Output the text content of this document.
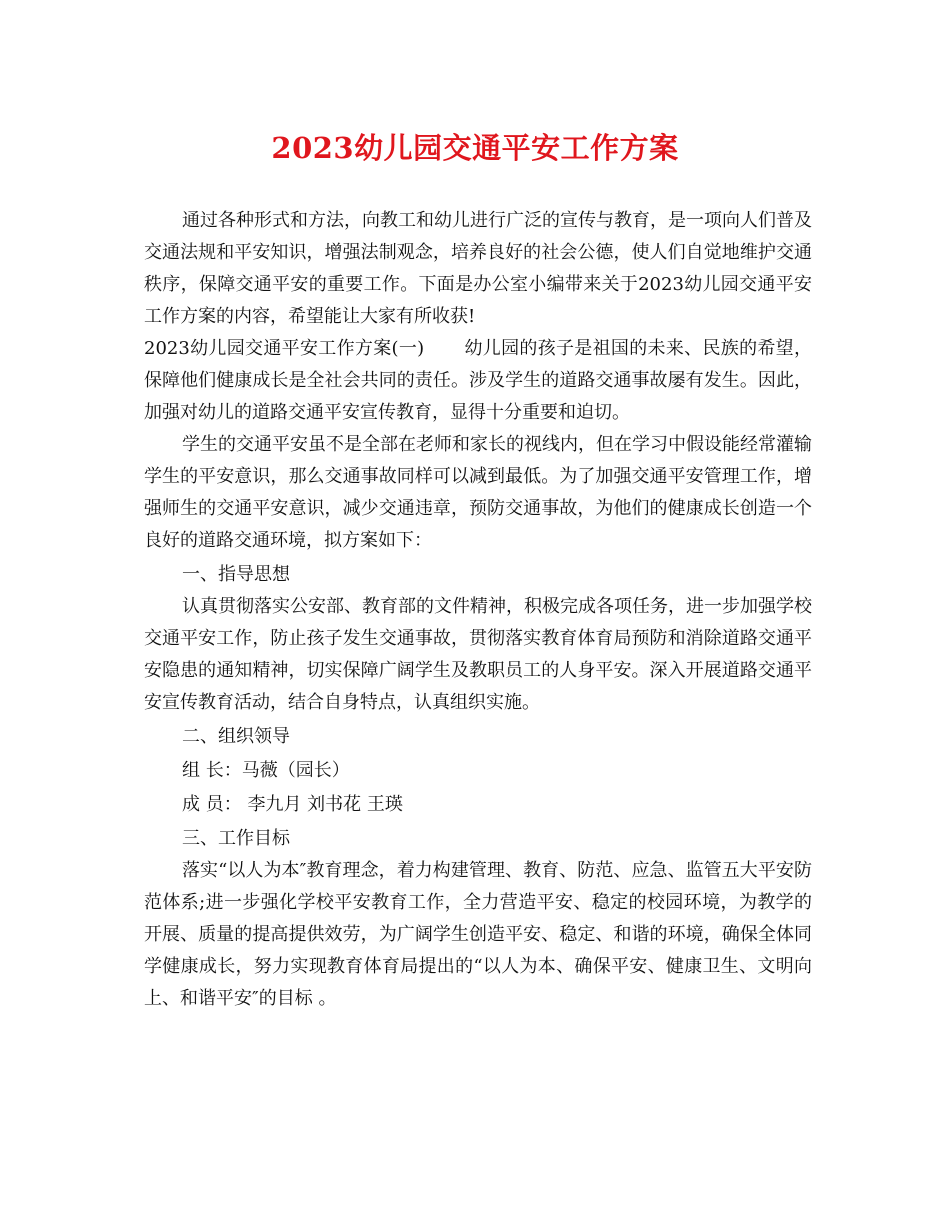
2023幼儿园交通平安工作方案

通过各种形式和方法，向教工和幼儿进行广泛的宣传与教育，是一项向人们普及交通法规和平安知识，增强法制观念，培养良好的社会公德，使人们自觉地维护交通秩序，保障交通平安的重要工作。下面是办公室小编带来关于2023幼儿园交通平安工作方案的内容，希望能让大家有所收获!

2023幼儿园交通平安工作方案(一) 幼儿园的孩子是祖国的未来、民族的希望，保障他们健康成长是全社会共同的责任。涉及学生的道路交通事故屡有发生。因此，加强对幼儿的道路交通平安宣传教育，显得十分重要和迫切。

学生的交通平安虽不是全部在老师和家长的视线内，但在学习中假设能经常灌输学生的平安意识，那么交通事故同样可以减到最低。为了加强交通平安管理工作，增强师生的交通平安意识，减少交通违章，预防交通事故，为他们的健康成长创造一个良好的道路交通环境，拟方案如下：

一、指导思想

认真贯彻落实公安部、教育部的文件精神，积极完成各项任务，进一步加强学校交通平安工作，防止孩子发生交通事故，贯彻落实教育体育局预防和消除道路交通平安隐患的通知精神，切实保障广阔学生及教职员工的人身平安。深入开展道路交通平安宣传教育活动，结合自身特点，认真组织实施。

二、组织领导

组 长：马薇（园长）

成 员： 李九月 刘书花 王瑛

三、工作目标

落实“以人为本″教育理念，着力构建管理、教育、防范、应急、监管五大平安防范体系;进一步强化学校平安教育工作，全力营造平安、稳定的校园环境，为教学的开展、质量的提高提供效劳，为广阔学生创造平安、稳定、和谐的环境，确保全体同学健康成长，努力实现教育体育局提出的“以人为本、确保平安、健康卫生、文明向上、和谐平安″的目标 。
